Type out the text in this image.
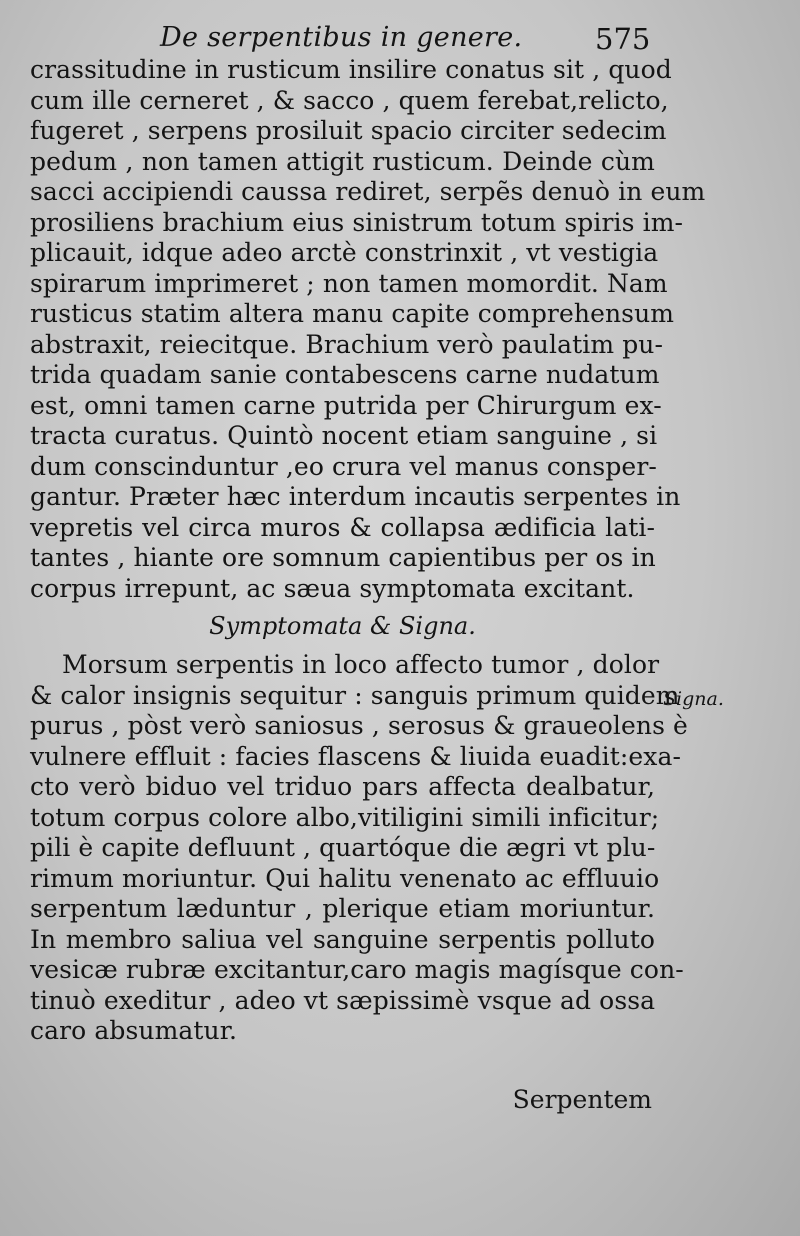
De serpentibus in genere.	575
crassitudine in rusticum insilire conatus sit , quod
cum ille cerneret , & sacco , quem ferebat,relicto,
fugeret , serpens prosiluit spacio circiter sedecim
pedum , non tamen attigit rusticum. Deinde cùm
sacci accipiendi caussa rediret, serpẽs denuò in eum
prosiliens brachium eius sinistrum totum spiris im-
plicauit, idque adeo arctè constrinxit , vt vestigia
spirarum imprimeret ; non tamen momordit. Nam
rusticus statim altera manu capite comprehensum
abstraxit, reiecitque. Brachium verò paulatim pu-
trida quadam sanie contabescens carne nudatum
est, omni tamen carne putrida per Chirurgum ex-
tracta curatus. Quintò nocent etiam sanguine , si
dum conscinduntur ,eo crura vel manus consper-
gantur. Præter hæc interdum incautis serpentes in
vepretis vel circa muros & collapsa ædificia lati-
tantes , hiante ore somnum capientibus per os in
corpus irrepunt, ac sæua symptomata excitant.
Symptomata & Signa.
Morsum serpentis in loco affecto tumor , dolor
& calor insignis sequitur : sanguis primum quidem
purus , pòst verò saniosus , serosus & graueolens è
vulnere effluit : facies flascens & liuida euadit:exa-
cto verò biduo vel triduo pars affecta dealbatur,
totum corpus colore albo,vitiligini simili inficitur;
pili è capite defluunt , quartóque die ægri vt plu-
rimum moriuntur. Qui halitu venenato ac effluuio
serpentum læduntur , plerique etiam moriuntur.
In membro saliua vel sanguine serpentis polluto
vesicæ rubræ excitantur,caro magis magísque con-
tinuò exeditur , adeo vt sæpissimè vsque ad ossa
caro absumatur.
Signa.
Serpentem
